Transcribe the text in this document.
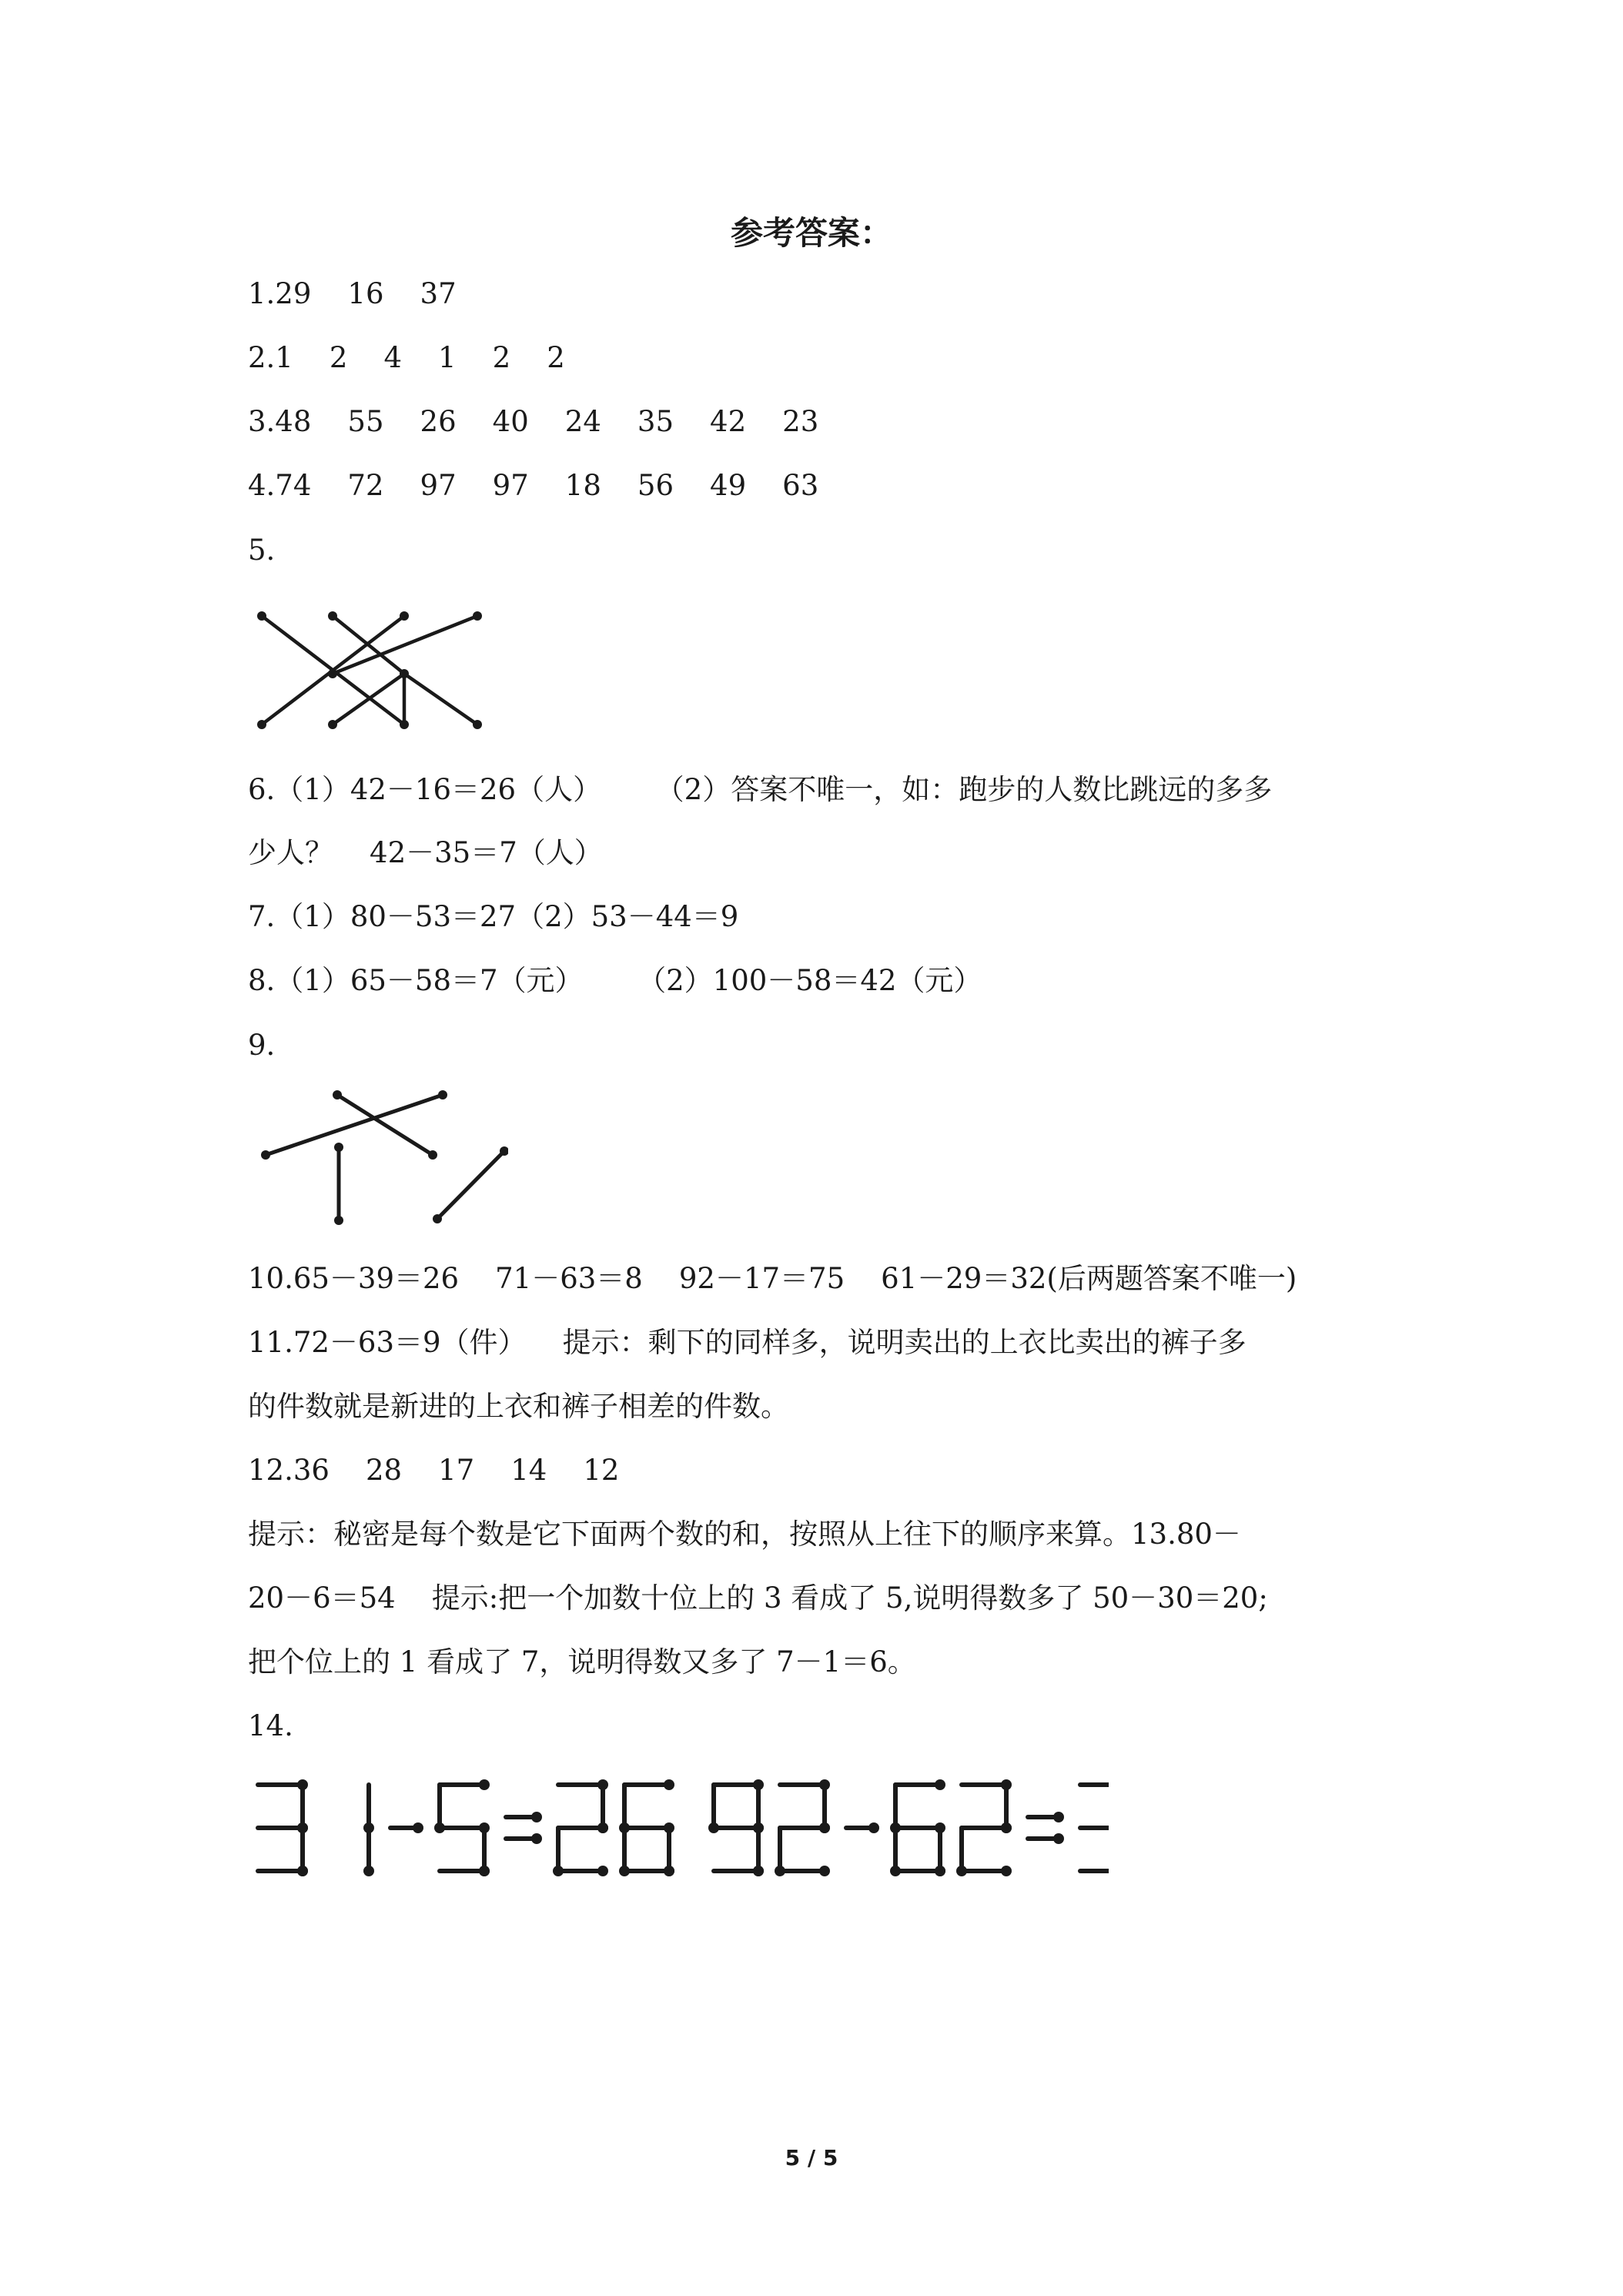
参考答案：
1.29    16    37
2.1    2    4    1    2    2
3.48    55    26    40    24    35    42    23
4.74    72    97    97    18    56    49    63
5.
6.（1）42－16＝26（人）      （2）答案不唯一，如：跑步的人数比跳远的多多
少人？    42－35＝7（人）
7.（1）80－53＝27（2）53－44＝9
8.（1）65－58＝7（元）      （2）100－58＝42（元）
9.
10.65－39＝26    71－63＝8    92－17＝75    61－29＝32(后两题答案不唯一)
11.72－63＝9（件）    提示：剩下的同样多，说明卖出的上衣比卖出的裤子多
的件数就是新进的上衣和裤子相差的件数。
12.36    28    17    14    12
提示：秘密是每个数是它下面两个数的和，按照从上往下的顺序来算。13.80－
20－6＝54    提示:把一个加数十位上的 3 看成了 5,说明得数多了 50－30＝20;
把个位上的 1 看成了 7，说明得数又多了 7－1＝6。
14.
5 / 5
